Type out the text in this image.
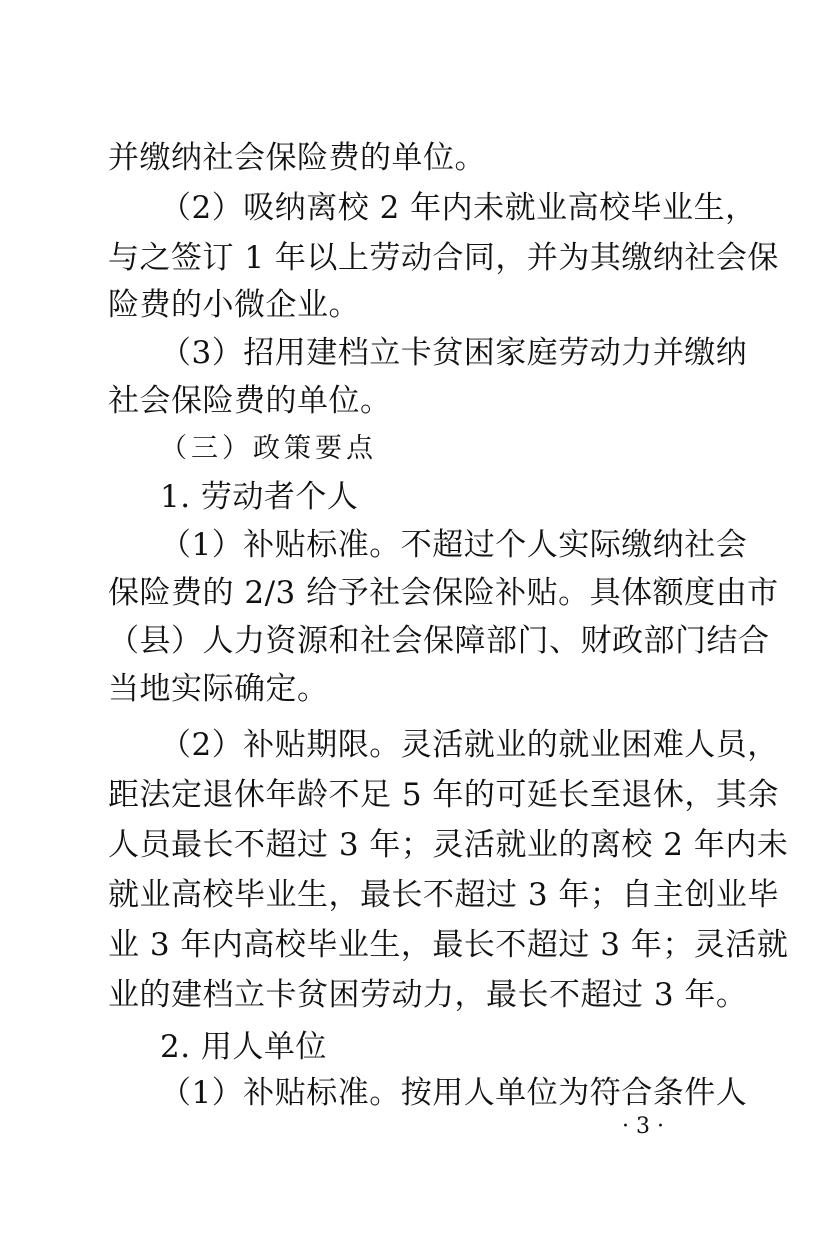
并缴纳社会保险费的单位。
（2）吸纳离校 2 年内未就业高校毕业生，
与之签订 1 年以上劳动合同，并为其缴纳社会保
险费的小微企业。
（3）招用建档立卡贫困家庭劳动力并缴纳
社会保险费的单位。
（三）政策要点
1. 劳动者个人
（1）补贴标准。不超过个人实际缴纳社会
保险费的 2/3 给予社会保险补贴。具体额度由市
（县）人力资源和社会保障部门、财政部门结合
当地实际确定。
（2）补贴期限。灵活就业的就业困难人员，
距法定退休年龄不足 5 年的可延长至退休，其余
人员最长不超过 3 年；灵活就业的离校 2 年内未
就业高校毕业生，最长不超过 3 年；自主创业毕
业 3 年内高校毕业生，最长不超过 3 年；灵活就
业的建档立卡贫困劳动力，最长不超过 3 年。
2. 用人单位
（1）补贴标准。按用人单位为符合条件人
· 3 ·
